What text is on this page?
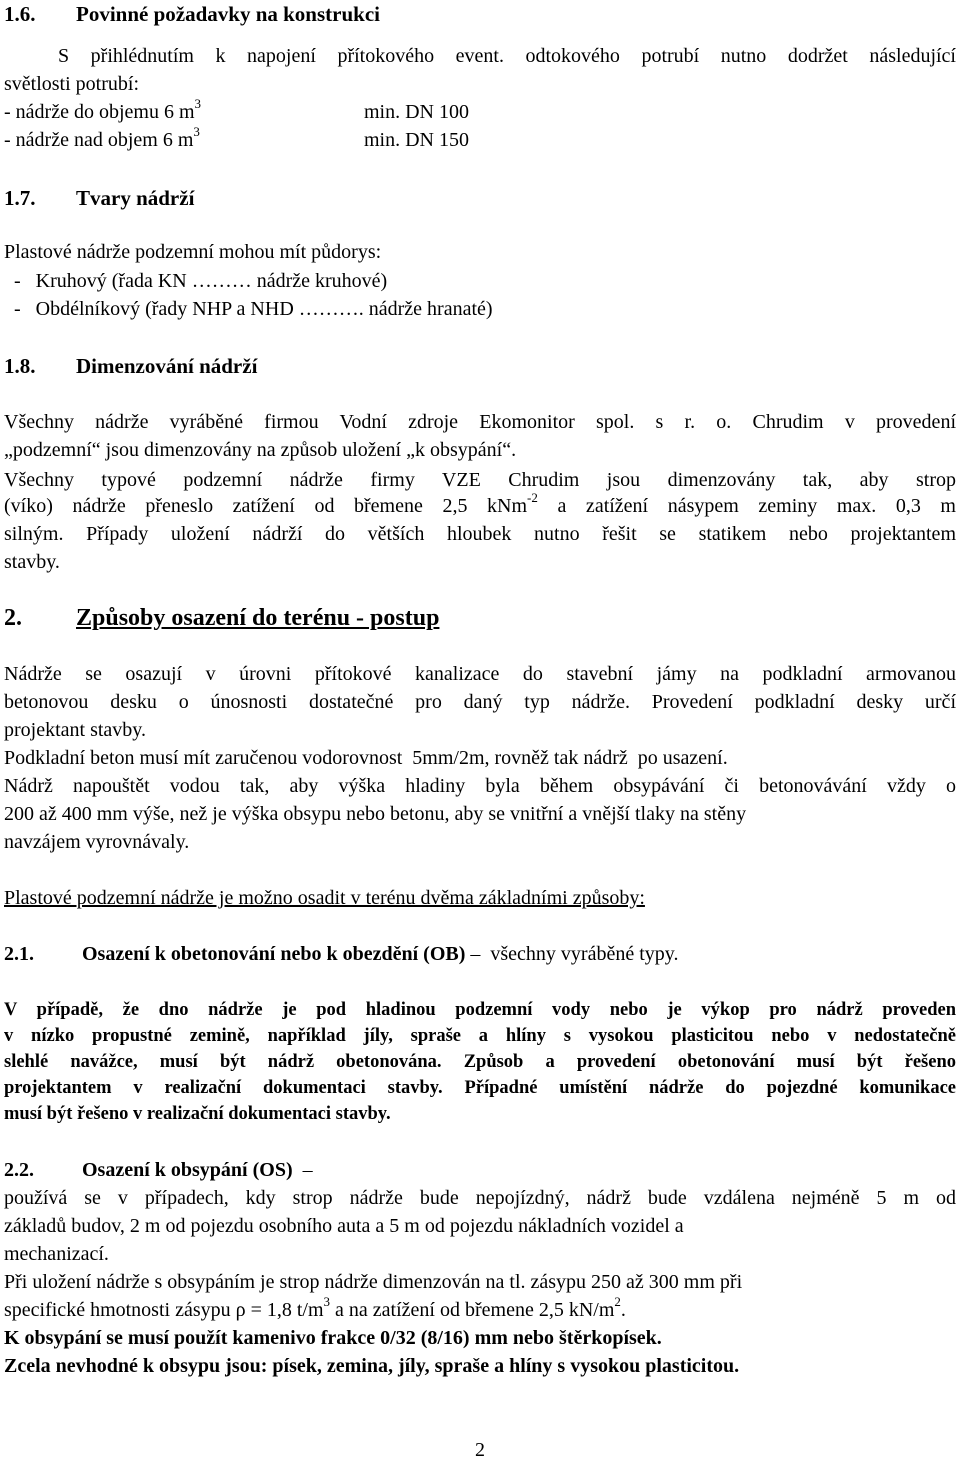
1.6. Povinné požadavky na konstrukci
S přihlédnutím k napojení přítokového event. odtokového potrubí nutno dodržet následující
světlosti potrubí:
- nádrže do objemu 6 $m^3$	min. DN 100
- nádrže nad objem 6 $m^3$	min. DN 150
1.7. Tvary nádrží
Plastové nádrže podzemní mohou mít půdorys:
-   Kruhový (řada KN ……… nádrže kruhové)
-   Obdélníkový (řady NHP a NHD ………. nádrže hranaté)
1.8. Dimenzování nádrží
Všechny nádrže vyráběné firmou Vodní zdroje Ekomonitor spol. s r. o. Chrudim v provedení
„podzemní“ jsou dimenzovány na způsob uložení „k obsypání“.
Všechny typové podzemní nádrže firmy VZE Chrudim jsou dimenzovány tak, aby strop
(víko) nádrže přeneslo zatížení od břemene 2,5 kNm$^{-2}$ a zatížení násypem zeminy max. 0,3 m
silným. Případy uložení nádrží do větších hloubek nutno řešit se statikem nebo projektantem
stavby.
2. Způsoby osazení do terénu - postup
Nádrže se osazují v úrovni přítokové kanalizace do stavební jámy na podkladní armovanou
betonovou desku o únosnosti dostatečné pro daný typ nádrže. Provedení podkladní desky určí
projektant stavby.
Podkladní beton musí mít zaručenou vodorovnost  5mm/2m, rovněž tak nádrž  po usazení.
Nádrž napouštět vodou tak, aby výška hladiny byla během obsypávání či betonovávání vždy o
200 až 400 mm výše, než je výška obsypu nebo betonu, aby se vnitřní a vnější tlaky na stěny
navzájem vyrovnávaly.
Plastové podzemní nádrže je možno osadit v terénu dvěma základními způsoby:
2.1. Osazení k obetonování nebo k obezdění (OB) –  všechny vyráběné typy.
V případě, že dno nádrže je pod hladinou podzemní vody nebo je výkop pro nádrž proveden
v nízko propustné zemině, například jíly, spraše a hlíny s vysokou plasticitou nebo v nedostatečně
slehlé navážce, musí být nádrž obetonována. Způsob a provedení obetonování musí být řešeno
projektantem v realizační dokumentaci stavby. Případné umístění nádrže do pojezdné komunikace
musí být řešeno v realizační dokumentaci stavby.
2.2. Osazení k obsypání (OS)  –
používá se v případech, kdy strop nádrže bude nepojízdný, nádrž bude vzdálena nejméně 5 m od
základů budov, 2 m od pojezdu osobního auta a 5 m od pojezdu nákladních vozidel a
mechanizací.
Při uložení nádrže s obsypáním je strop nádrže dimenzován na tl. zásypu 250 až 300 mm při
specifické hmotnosti zásypu ρ = 1,8 $t/m^3$ a na zatížení od břemene 2,5 $kN/m^2$.
K obsypání se musí použít kamenivo frakce 0/32 (8/16) mm nebo štěrkopísek.
Zcela nevhodné k obsypu jsou: písek, zemina, jíly, spraše a hlíny s vysokou plasticitou.
2
